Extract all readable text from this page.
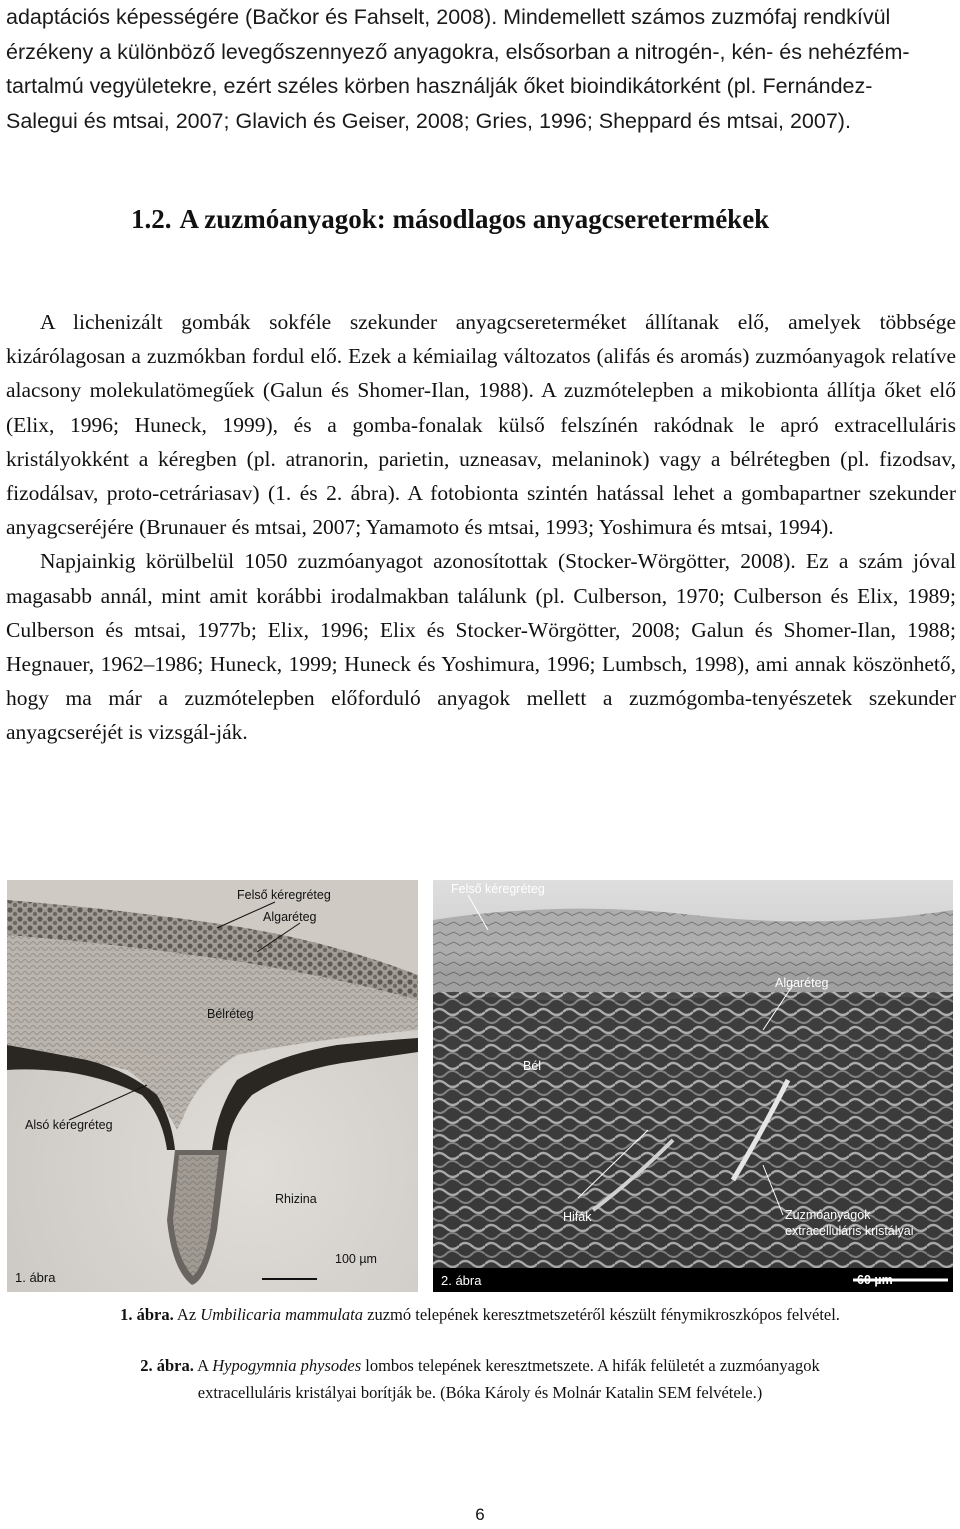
adaptációs képességére (Bačkor és Fahselt, 2008). Mindemellett számos zuzmófaj rendkívül

érzékeny a különböző levegőszennyező anyagokra, elsősorban a nitrogén-, kén- és nehézfém-

tartalmú vegyületekre, ezért széles körben használják őket bioindikátorként (pl. Fernández-

Salegui és mtsai, 2007; Glavich és Geiser, 2008; Gries, 1996; Sheppard és mtsai, 2007).

1.2. A zuzmóanyagok: másodlagos anyagcseretermékek

A lichenizált gombák sokféle szekunder anyagcsereterméket állítanak elő, amelyek többsége kizárólagosan a zuzmókban fordul elő. Ezek a kémiailag változatos (alifás és aromás) zuzmóanyagok relatíve alacsony molekulatömegűek (Galun és Shomer-Ilan, 1988). A zuzmótelepben a mikobionta állítja őket elő (Elix, 1996; Huneck, 1999), és a gomba-fonalak külső felszínén rakódnak le apró extracelluláris kristályokként a kéregben (pl. atranorin, parietin, uzneasav, melaninok) vagy a bélrétegben (pl. fizodsav, fizodálsav, proto-cetráriasav) (1. és 2. ábra). A fotobionta szintén hatással lehet a gombapartner szekunder anyagcseréjére (Brunauer és mtsai, 2007; Yamamoto és mtsai, 1993; Yoshimura és mtsai, 1994).

Napjainkig körülbelül 1050 zuzmóanyagot azonosítottak (Stocker-Wörgötter, 2008). Ez a szám jóval magasabb annál, mint amit korábbi irodalmakban találunk (pl. Culberson, 1970; Culberson és Elix, 1989; Culberson és mtsai, 1977b; Elix, 1996; Elix és Stocker-Wörgötter, 2008; Galun és Shomer-Ilan, 1988; Hegnauer, 1962–1986; Huneck, 1999; Huneck és Yoshimura, 1996; Lumbsch, 1998), ami annak köszönhető, hogy ma már a zuzmótelepben előforduló anyagok mellett a zuzmógomba-tenyészetek szekunder anyagcseréjét is vizsgál-ják.

Felső kéregréteg
Algaréteg
Bélréteg
Alsó kéregréteg
Rhizina
100 µm
1. ábra
Felső kéregréteg
Algaréteg
Bél
Hifák	Zuzmóanyagok
extracelluláris kristályai
60 µm
2. ábra
1. ábra. Az Umbilicaria mammulata zuzmó telepének keresztmetszetéről készült fénymikroszkópos felvétel.
2. ábra. A Hypogymnia physodes lombos telepének keresztmetszete. A hifák felületét a zuzmóanyagok
extracelluláris kristályai borítják be. (Bóka Károly és Molnár Katalin SEM felvétele.)
6
